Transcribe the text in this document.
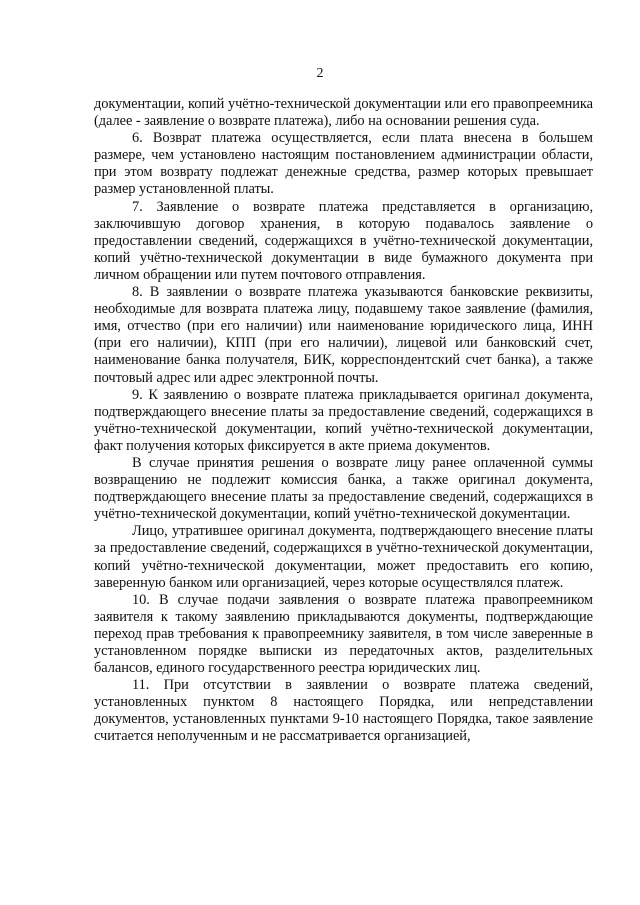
2

документации, копий учётно-технической документации или его правопреемника (далее - заявление о возврате платежа), либо на основании решения суда.

6. Возврат платежа осуществляется, если плата внесена в большем размере, чем установлено настоящим постановлением администрации области, при этом возврату подлежат денежные средства, размер которых превышает размер установленной платы.

7. Заявление о возврате платежа представляется в организацию, заключившую договор хранения, в которую подавалось заявление о предоставлении сведений, содержащихся в учётно-технической документации, копий учётно-технической документации в виде бумажного документа при личном обращении или путем почтового отправления.

8. В заявлении о возврате платежа указываются банковские реквизиты, необходимые для возврата платежа лицу, подавшему такое заявление (фамилия, имя, отчество (при его наличии) или наименование юридического лица, ИНН (при его наличии), КПП (при его наличии), лицевой или банковский счет, наименование банка получателя, БИК, корреспондентский счет банка), а также почтовый адрес или адрес электронной почты.

9. К заявлению о возврате платежа прикладывается оригинал документа, подтверждающего внесение платы за предоставление сведений, содержащихся в учётно-технической документации, копий учётно-технической документации, факт получения которых фиксируется в акте приема документов.

В случае принятия решения о возврате лицу ранее оплаченной суммы возвращению не подлежит комиссия банка, а также оригинал документа, подтверждающего внесение платы за предоставление сведений, содержащихся в учётно-технической документации, копий учётно-технической документации.

Лицо, утратившее оригинал документа, подтверждающего внесение платы за предоставление сведений, содержащихся в учётно-технической документации, копий учётно-технической документации, может предоставить его копию, заверенную банком или организацией, через которые осуществлялся платеж.

10. В случае подачи заявления о возврате платежа правопреемником заявителя к такому заявлению прикладываются документы, подтверждающие переход прав требования к правопреемнику заявителя, в том числе заверенные в установленном порядке выписки из передаточных актов, разделительных балансов, единого государственного реестра юридических лиц.

11. При отсутствии в заявлении о возврате платежа сведений, установленных пунктом 8 настоящего Порядка, или непредставлении документов, установленных пунктами 9-10 настоящего Порядка, такое заявление считается неполученным и не рассматривается организацией,
